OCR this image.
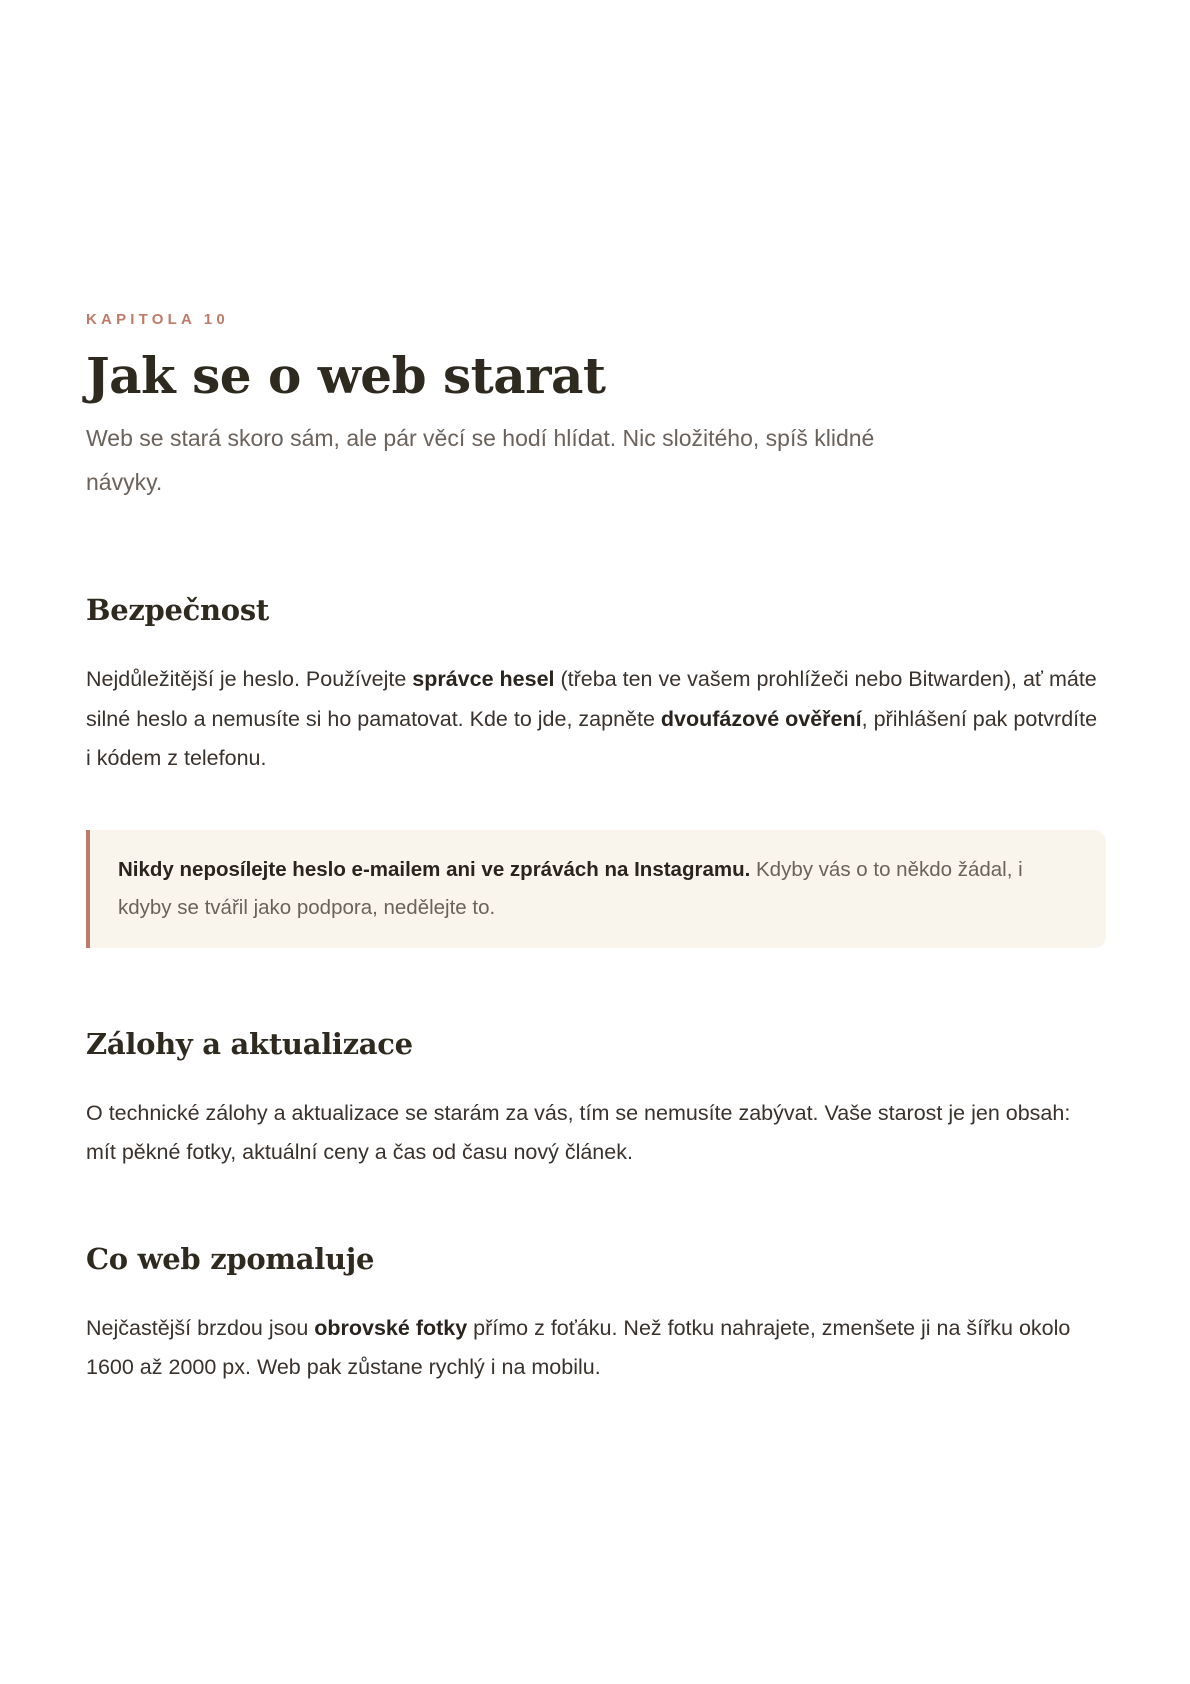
KAPITOLA 10

Jak se o web starat

Web se stará skoro sám, ale pár věcí se hodí hlídat. Nic složitého, spíš klidné návyky.

Bezpečnost

Nejdůležitější je heslo. Používejte správce hesel (třeba ten ve vašem prohlížeči nebo Bitwarden), ať máte silné heslo a nemusíte si ho pamatovat. Kde to jde, zapněte dvoufázové ověření, přihlášení pak potvrdíte i kódem z telefonu.

Nikdy neposílejte heslo e-mailem ani ve zprávách na Instagramu. Kdyby vás o to někdo žádal, i kdyby se tvářil jako podpora, nedělejte to.
Zálohy a aktualizace

O technické zálohy a aktualizace se starám za vás, tím se nemusíte zabývat. Vaše starost je jen obsah: mít pěkné fotky, aktuální ceny a čas od času nový článek.

Co web zpomaluje

Nejčastější brzdou jsou obrovské fotky přímo z foťáku. Než fotku nahrajete, zmenšete ji na šířku okolo 1600 až 2000 px. Web pak zůstane rychlý i na mobilu.
